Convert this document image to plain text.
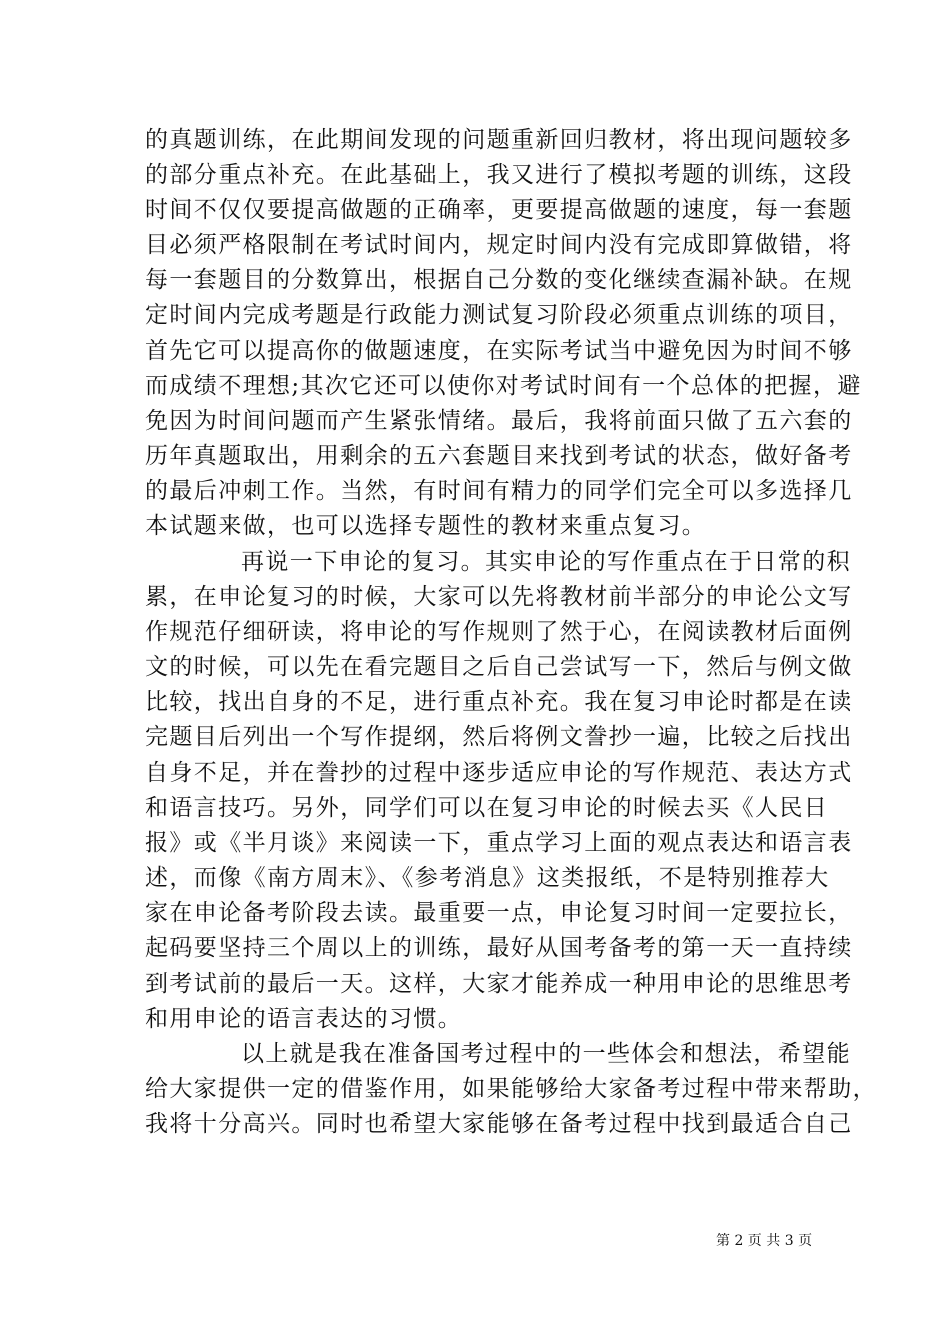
的真题训练，在此期间发现的问题重新回归教材，将出现问题较多
的部分重点补充。在此基础上，我又进行了模拟考题的训练，这段
时间不仅仅要提高做题的正确率，更要提高做题的速度，每一套题
目必须严格限制在考试时间内，规定时间内没有完成即算做错，将
每一套题目的分数算出，根据自己分数的变化继续查漏补缺。在规
定时间内完成考题是行政能力测试复习阶段必须重点训练的项目，
首先它可以提高你的做题速度，在实际考试当中避免因为时间不够
而成绩不理想;其次它还可以使你对考试时间有一个总体的把握，避
免因为时间问题而产生紧张情绪。最后，我将前面只做了五六套的
历年真题取出，用剩余的五六套题目来找到考试的状态，做好备考
的最后冲刺工作。当然，有时间有精力的同学们完全可以多选择几
本试题来做，也可以选择专题性的教材来重点复习。
再说一下申论的复习。其实申论的写作重点在于日常的积
累，在申论复习的时候，大家可以先将教材前半部分的申论公文写
作规范仔细研读，将申论的写作规则了然于心，在阅读教材后面例
文的时候，可以先在看完题目之后自己尝试写一下，然后与例文做
比较，找出自身的不足，进行重点补充。我在复习申论时都是在读
完题目后列出一个写作提纲，然后将例文誊抄一遍，比较之后找出
自身不足，并在誊抄的过程中逐步适应申论的写作规范、表达方式
和语言技巧。另外，同学们可以在复习申论的时候去买《人民日
报》或《半月谈》来阅读一下，重点学习上面的观点表达和语言表
述，而像《南方周末》、《参考消息》这类报纸，不是特别推荐大
家在申论备考阶段去读。最重要一点，申论复习时间一定要拉长，
起码要坚持三个周以上的训练，最好从国考备考的第一天一直持续
到考试前的最后一天。这样，大家才能养成一种用申论的思维思考
和用申论的语言表达的习惯。
以上就是我在准备国考过程中的一些体会和想法，希望能
给大家提供一定的借鉴作用，如果能够给大家备考过程中带来帮助，
我将十分高兴。同时也希望大家能够在备考过程中找到最适合自己
第 2 页 共 3 页
